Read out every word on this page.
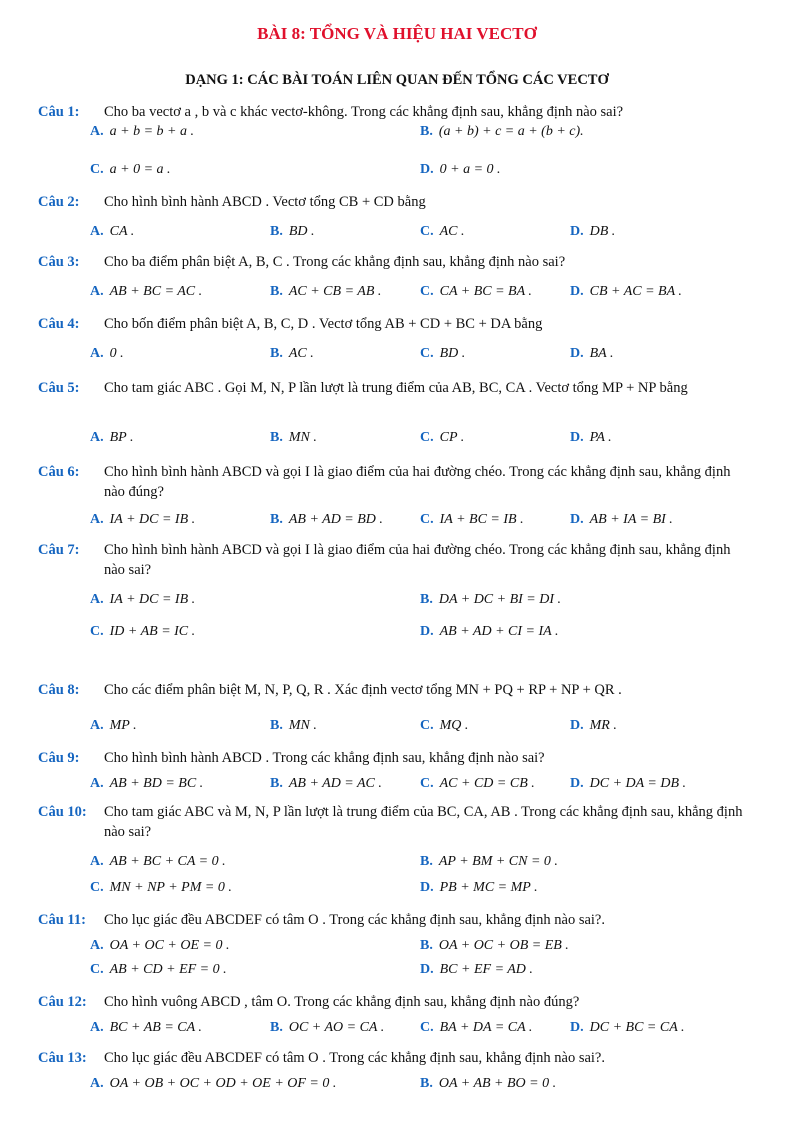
BÀI 8: TỔNG VÀ HIỆU HAI VECTƠ
DẠNG 1: CÁC BÀI TOÁN LIÊN QUAN ĐẾN TỔNG CÁC VECTƠ
Câu 1: Cho ba vectơ a , b và c khác vectơ-không. Trong các khẳng định sau, khẳng định nào sai?
A. a + b = b + a .	B. (a + b) + c = a + (b + c).
C. a + 0 = a .	D. 0 + a = 0 .
Câu 2: Cho hình bình hành ABCD . Vectơ tổng CB + CD bằng
A. CA .	B. BD .	C. AC .	D. DB .
Câu 3: Cho ba điểm phân biệt A, B, C . Trong các khẳng định sau, khẳng định nào sai?
A. AB + BC = AC .	B. AC + CB = AB .	C. CA + BC = BA .	D. CB + AC = BA .
Câu 4: Cho bốn điểm phân biệt A, B, C, D . Vectơ tổng AB + CD + BC + DA bằng
A. 0 .	B. AC .	C. BD .	D. BA .
Câu 5: Cho tam giác ABC . Gọi M, N, P lần lượt là trung điểm của AB, BC, CA . Vectơ tổng MP + NP bằng
A. BP .	B. MN .	C. CP .	D. PA .
Câu 6: Cho hình bình hành ABCD và gọi I là giao điểm của hai đường chéo. Trong các khẳng định sau, khẳng định nào đúng?
A. IA + DC = IB .	B. AB + AD = BD .	C. IA + BC = IB .	D. AB + IA = BI .
Câu 7: Cho hình bình hành ABCD và gọi I là giao điểm của hai đường chéo. Trong các khẳng định sau, khẳng định nào sai?
A. IA + DC = IB .	B. DA + DC + BI = DI .
C. ID + AB = IC .	D. AB + AD + CI = IA .
Câu 8: Cho các điểm phân biệt M, N, P, Q, R . Xác định vectơ tổng MN + PQ + RP + NP + QR .
A. MP .	B. MN .	C. MQ .	D. MR .
Câu 9: Cho hình bình hành ABCD . Trong các khẳng định sau, khẳng định nào sai?
A. AB + BD = BC .	B. AB + AD = AC .	C. AC + CD = CB .	D. DC + DA = DB .
Câu 10: Cho tam giác ABC và M, N, P lần lượt là trung điểm của BC, CA, AB . Trong các khẳng định sau, khẳng định nào sai?
A. AB + BC + CA = 0 .	B. AP + BM + CN = 0 .
C. MN + NP + PM = 0 .	D. PB + MC = MP .
Câu 11: Cho lục giác đều ABCDEF có tâm O . Trong các khẳng định sau, khẳng định nào sai?.
A. OA + OC + OE = 0 .	B. OA + OC + OB = EB .
C. AB + CD + EF = 0 .	D. BC + EF = AD .
Câu 12: Cho hình vuông ABCD , tâm O. Trong các khẳng định sau, khẳng định nào đúng?
A. BC + AB = CA .	B. OC + AO = CA .	C. BA + DA = CA .	D. DC + BC = CA .
Câu 13: Cho lục giác đều ABCDEF có tâm O . Trong các khẳng định sau, khẳng định nào sai?.
A. OA + OB + OC + OD + OE + OF = 0 .	B. OA + AB + BO = 0 .
